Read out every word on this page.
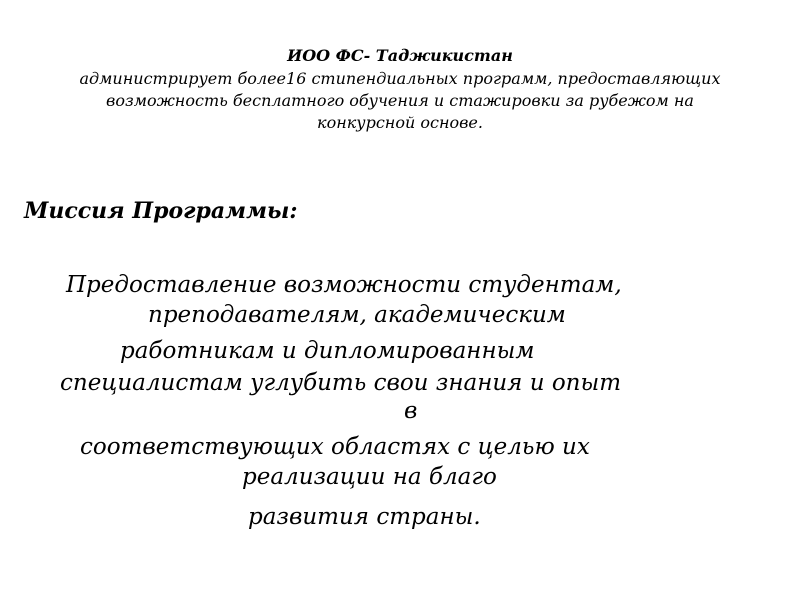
ИОО ФС- Таджикистан
администрирует более16 стипендиальных программ, предоставляющих
возможность бесплатного обучения и стажировки за рубежом на
конкурсной основе.
Миссия Программы:
Предоставление возможности студентам,
преподавателям, академическим
работникам и дипломированным
специалистам углубить свои знания и опыт
в
соответствующих областях с целью их
реализации на благо
развития страны.
